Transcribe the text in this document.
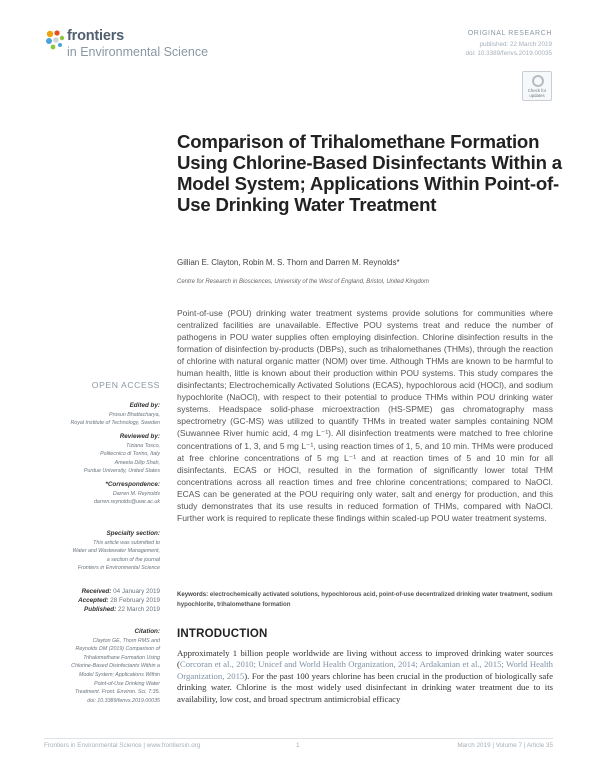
frontiers
in Environmental Science
ORIGINAL RESEARCH
published: 22 March 2019
doi: 10.3389/fenvs.2019.00035
Check for
updates
Comparison of Trihalomethane Formation Using Chlorine-Based Disinfectants Within a Model System; Applications Within Point-of-Use Drinking Water Treatment
Gillian E. Clayton, Robin M. S. Thorn and Darren M. Reynolds*
Centre for Research in Biosciences, University of the West of England, Bristol, United Kingdom

Point-of-use (POU) drinking water treatment systems provide solutions for communities where centralized facilities are unavailable. Effective POU systems treat and reduce the number of pathogens in POU water supplies often employing disinfection. Chlorine disinfection results in the formation of disinfection by-products (DBPs), such as trihalomethanes (THMs), through the reaction of chlorine with natural organic matter (NOM) over time. Although THMs are known to be harmful to human health, little is known about their production within POU systems. This study compares the disinfectants; Electrochemically Activated Solutions (ECAS), hypochlorous acid (HOCl), and sodium hypochlorite (NaOCl), with respect to their potential to produce THMs within POU drinking water systems. Headspace solid-phase microextraction (HS-SPME) gas chromatography mass spectrometry (GC-MS) was utilized to quantify THMs in treated water samples containing NOM (Suwannee River humic acid, 4 mg L⁻¹). All disinfection treatments were matched to free chlorine concentrations of 1, 3, and 5 mg L⁻¹, using reaction times of 1, 5, and 10 min. THMs were produced at free chlorine concentrations of 5 mg L⁻¹ and at reaction times of 5 and 10 min for all disinfectants. ECAS or HOCl, resulted in the formation of significantly lower total THM concentrations across all reaction times and free chlorine concentrations; compared to NaOCl. ECAS can be generated at the POU requiring only water, salt and energy for production, and this study demonstrates that its use results in reduced formation of THMs, compared with NaOCl. Further work is required to replicate these findings within scaled-up POU water treatment systems.

Keywords: electrochemically activated solutions, hypochlorous acid, point-of-use decentralized drinking water treatment, sodium hypochlorite, trihalomethane formation
INTRODUCTION

Approximately 1 billion people worldwide are living without access to improved drinking water sources (Corcoran et al., 2010; Unicef and World Health Organization, 2014; Ardakanian et al., 2015; World Health Organization, 2015). For the past 100 years chlorine has been crucial in the production of biologically safe drinking water. Chlorine is the most widely used disinfectant in drinking water treatment due to its availability, low cost, and broad spectrum antimicrobial efficacy

OPEN ACCESS
Edited by:
Prosun Bhattacharya,
Royal Institute of Technology, Sweden
Reviewed by:
Tiziana Tosco,
Politecnico di Torino, Italy
Ameeta Dilip Shah,
Purdue University, United States
*Correspondence:
Darren M. Reynolds
darren.reynolds@uwe.ac.uk
Specialty section:
This article was submitted to
Water and Wastewater Management,
a section of the journal
Frontiers in Environmental Science
Received: 04 January 2019
Accepted: 28 February 2019
Published: 22 March 2019
Citation:
Clayton GE, Thorn RMS and
Reynolds DM (2019) Comparison of
Trihalomethane Formation Using
Chlorine-Based Disinfectants Within a
Model System; Applications Within
Point-of-Use Drinking Water
Treatment. Front. Environ. Sci. 7:35.
doi: 10.3389/fenvs.2019.00035
Frontiers in Environmental Science | www.frontiersin.org	1	March 2019 | Volume 7 | Article 35
